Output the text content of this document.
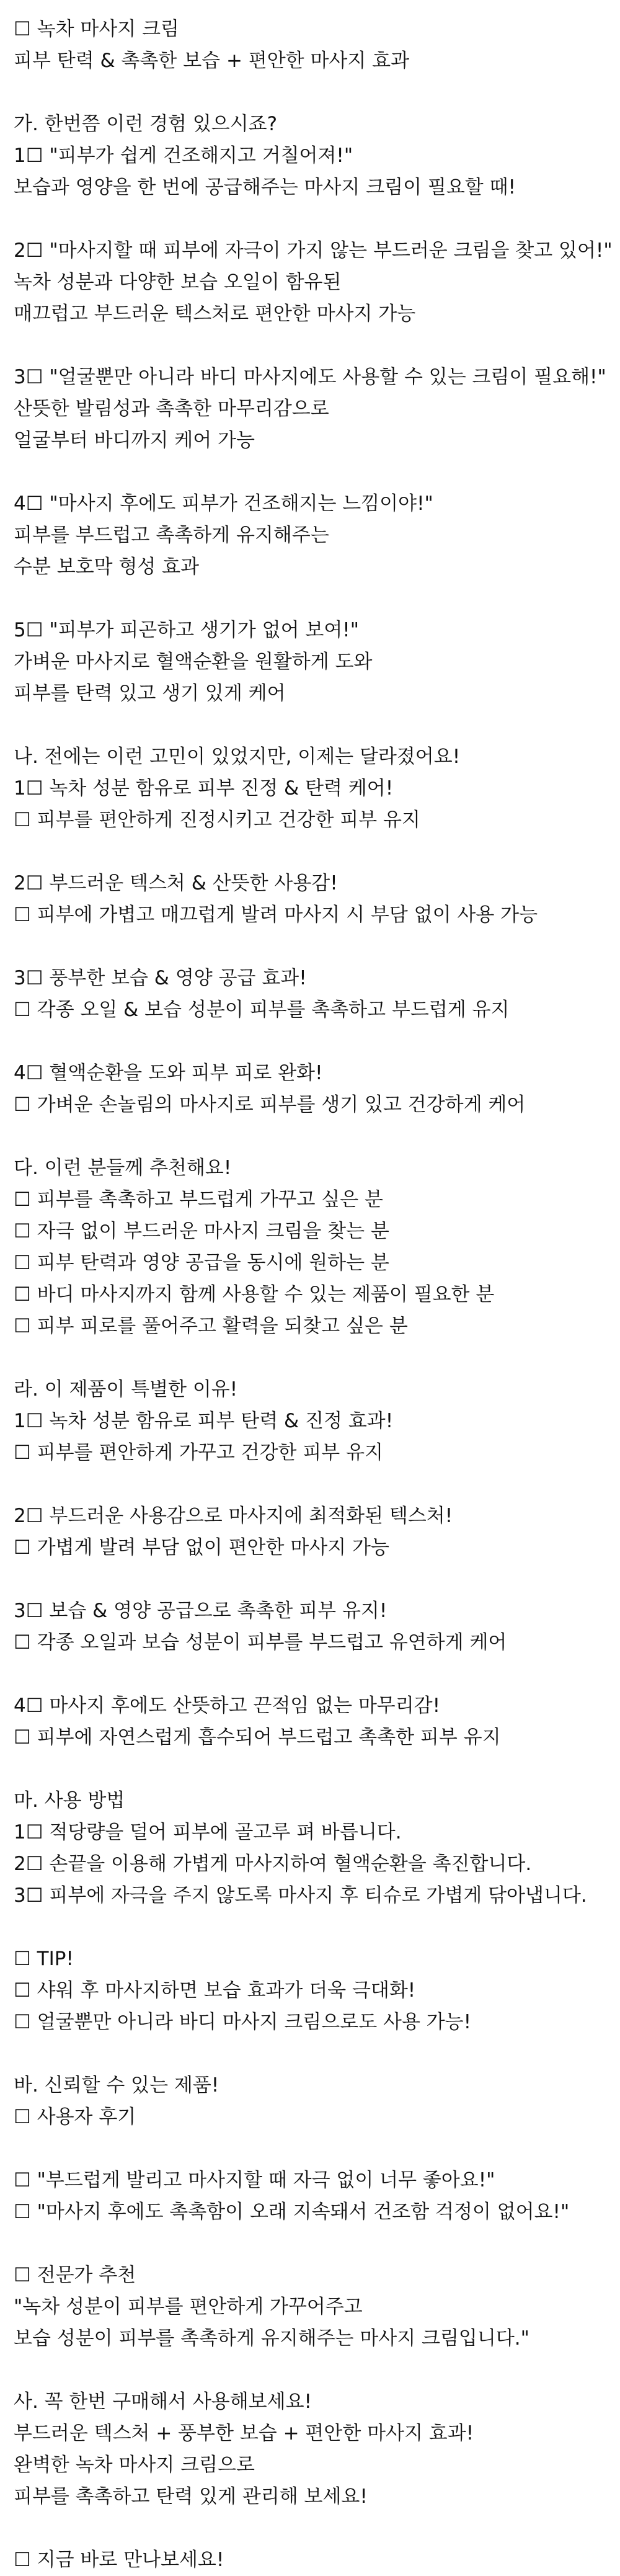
☐ 녹차 마사지 크림
피부 탄력 & 촉촉한 보습 + 편안한 마사지 효과
가. 한번쯤 이런 경험 있으시죠?
1☐ "피부가 쉽게 건조해지고 거칠어져!"
보습과 영양을 한 번에 공급해주는 마사지 크림이 필요할 때!
2☐ "마사지할 때 피부에 자극이 가지 않는 부드러운 크림을 찾고 있어!"
녹차 성분과 다양한 보습 오일이 함유된
매끄럽고 부드러운 텍스처로 편안한 마사지 가능
3☐ "얼굴뿐만 아니라 바디 마사지에도 사용할 수 있는 크림이 필요해!"
산뜻한 발림성과 촉촉한 마무리감으로
얼굴부터 바디까지 케어 가능
4☐ "마사지 후에도 피부가 건조해지는 느낌이야!"
피부를 부드럽고 촉촉하게 유지해주는
수분 보호막 형성 효과
5☐ "피부가 피곤하고 생기가 없어 보여!"
가벼운 마사지로 혈액순환을 원활하게 도와
피부를 탄력 있고 생기 있게 케어
나. 전에는 이런 고민이 있었지만, 이제는 달라졌어요!
1☐ 녹차 성분 함유로 피부 진정 & 탄력 케어!
☐ 피부를 편안하게 진정시키고 건강한 피부 유지
2☐ 부드러운 텍스처 & 산뜻한 사용감!
☐ 피부에 가볍고 매끄럽게 발려 마사지 시 부담 없이 사용 가능
3☐ 풍부한 보습 & 영양 공급 효과!
☐ 각종 오일 & 보습 성분이 피부를 촉촉하고 부드럽게 유지
4☐ 혈액순환을 도와 피부 피로 완화!
☐ 가벼운 손놀림의 마사지로 피부를 생기 있고 건강하게 케어
다. 이런 분들께 추천해요!
☐ 피부를 촉촉하고 부드럽게 가꾸고 싶은 분
☐ 자극 없이 부드러운 마사지 크림을 찾는 분
☐ 피부 탄력과 영양 공급을 동시에 원하는 분
☐ 바디 마사지까지 함께 사용할 수 있는 제품이 필요한 분
☐ 피부 피로를 풀어주고 활력을 되찾고 싶은 분
라. 이 제품이 특별한 이유!
1☐ 녹차 성분 함유로 피부 탄력 & 진정 효과!
☐ 피부를 편안하게 가꾸고 건강한 피부 유지
2☐ 부드러운 사용감으로 마사지에 최적화된 텍스처!
☐ 가볍게 발려 부담 없이 편안한 마사지 가능
3☐ 보습 & 영양 공급으로 촉촉한 피부 유지!
☐ 각종 오일과 보습 성분이 피부를 부드럽고 유연하게 케어
4☐ 마사지 후에도 산뜻하고 끈적임 없는 마무리감!
☐ 피부에 자연스럽게 흡수되어 부드럽고 촉촉한 피부 유지
마. 사용 방법
1☐ 적당량을 덜어 피부에 골고루 펴 바릅니다.
2☐ 손끝을 이용해 가볍게 마사지하여 혈액순환을 촉진합니다.
3☐ 피부에 자극을 주지 않도록 마사지 후 티슈로 가볍게 닦아냅니다.
☐ TIP!
☐ 샤워 후 마사지하면 보습 효과가 더욱 극대화!
☐ 얼굴뿐만 아니라 바디 마사지 크림으로도 사용 가능!
바. 신뢰할 수 있는 제품!
☐ 사용자 후기
☐ "부드럽게 발리고 마사지할 때 자극 없이 너무 좋아요!"
☐ "마사지 후에도 촉촉함이 오래 지속돼서 건조함 걱정이 없어요!"
☐ 전문가 추천
"녹차 성분이 피부를 편안하게 가꾸어주고
보습 성분이 피부를 촉촉하게 유지해주는 마사지 크림입니다."
사. 꼭 한번 구매해서 사용해보세요!
부드러운 텍스처 + 풍부한 보습 + 편안한 마사지 효과!
완벽한 녹차 마사지 크림으로
피부를 촉촉하고 탄력 있게 관리해 보세요!
☐ 지금 바로 만나보세요!
